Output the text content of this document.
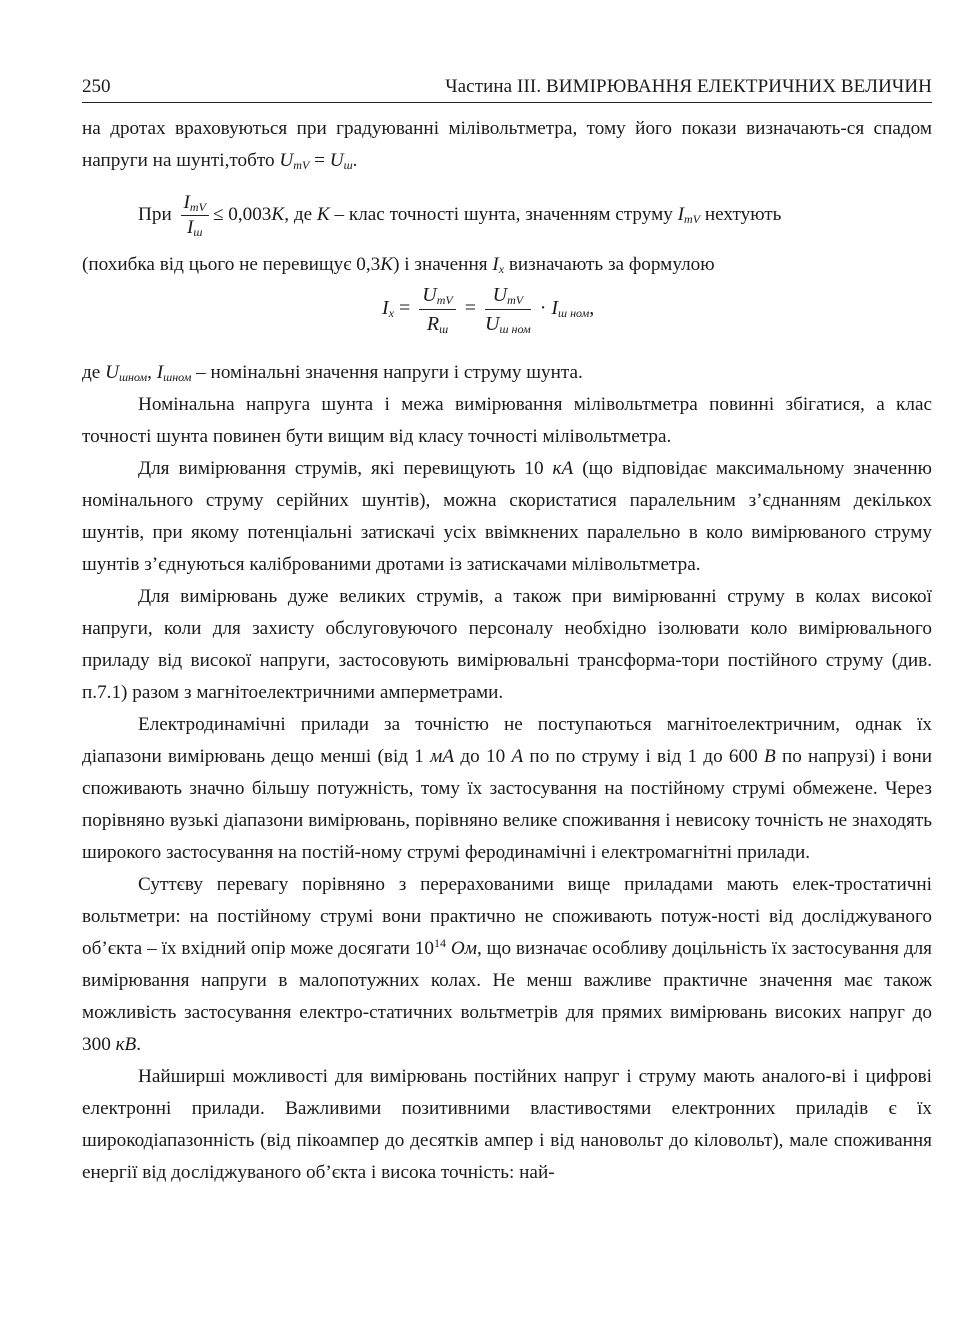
250	Частина ІІІ. ВИМІРЮВАННЯ ЕЛЕКТРИЧНИХ ВЕЛИЧИН

на дротах враховуються при градуюванні мілівольтметра, тому його покази визначають-ся спадом напруги на шунті,тобто $U_{mV} = U_ш$.

При $\frac{I_{mV}}{I_ш} \le 0,003K$, де K – клас точності шунта, значенням струму $I_{mV}$ нехтують

(похибка від цього не перевищує 0,3K) і значення $I_x$ визначають за формулою

$I_x = \frac{U_{mV}}{R_ш} = \frac{U_{mV}}{U_{ш ном}} \cdot I_{ш ном}$,

де $U_{шном}$, $I_{шном}$ – номінальні значення напруги і струму шунта.

Номінальна напруга шунта і межа вимірювання мілівольтметра повинні збігатися, а клас точності шунта повинен бути вищим від класу точності мілівольтметра.

Для вимірювання струмів, які перевищують 10 кА (що відповідає максимальному значенню номінального струму серійних шунтів), можна скористатися паралельним з’єднанням декількох шунтів, при якому потенціальні затискачі усіх ввімкнених паралельно в коло вимірюваного струму шунтів з’єднуються каліброваними дротами із затискачами мілівольтметра.

Для вимірювань дуже великих струмів, а також при вимірюванні струму в колах високої напруги, коли для захисту обслуговуючого персоналу необхідно ізолювати коло вимірювального приладу від високої напруги, застосовують вимірювальні трансформа-тори постійного струму (див. п.7.1) разом з магнітоелектричними амперметрами.

Електродинамічні прилади за точністю не поступаються магнітоелектричним, однак їх діапазони вимірювань дещо менші (від 1 мА до 10 А по по струму і від 1 до 600 В по напрузі) і вони споживають значно більшу потужність, тому їх застосування на постійному струмі обмежене. Через порівняно вузькі діапазони вимірювань, порівняно велике споживання і невисоку точність не знаходять широкого застосування на постій-ному струмі феродинамічні і електромагнітні прилади.

Суттєву перевагу порівняно з перерахованими вище приладами мають елек-тростатичні вольтметри: на постійному струмі вони практично не споживають потуж-ності від досліджуваного об’єкта – їх вхідний опір може досягати $10^{14}$ Ом, що визначає особливу доцільність їх застосування для вимірювання напруги в малопотужних колах. Не менш важливе практичне значення має також можливість застосування електро-статичних вольтметрів для прямих вимірювань високих напруг до 300 кВ.

Найширші можливості для вимірювань постійних напруг і струму мають аналого-ві і цифрові електронні прилади. Важливими позитивними властивостями електронних приладів є їх широкодіапазонність (від пікоампер до десятків ампер і від нановольт до кіловольт), мале споживання енергії від досліджуваного об’єкта і висока точність: най-
